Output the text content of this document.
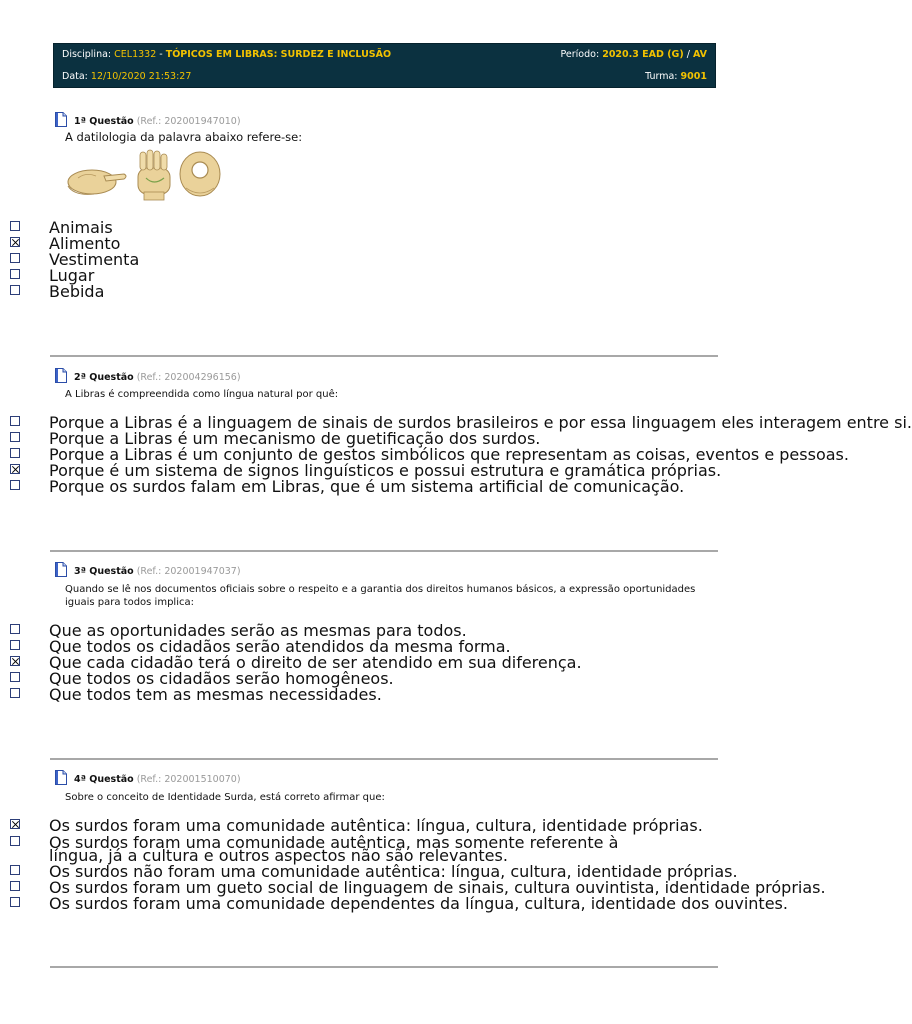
Disciplina: CEL1332 - TÓPICOS EM LIBRAS: SURDEZ E INCLUSÃO	Período: 2020.3 EAD (G) / AV
Data: 12/10/2020 21:53:27	Turma: 9001
1ª Questão (Ref.: 202001947010)
A datilologia da palavra abaixo refere-se:
Animais
Alimento
Vestimenta
Lugar
Bebida
2ª Questão (Ref.: 202004296156)
A Libras é compreendida como língua natural por quê:
Porque a Libras é a linguagem de sinais de surdos brasileiros e por essa linguagem eles interagem entre si.
Porque a Libras é um mecanismo de guetificação dos surdos.
Porque a Libras é um conjunto de gestos simbólicos que representam as coisas, eventos e pessoas.
Porque é um sistema de signos linguísticos e possui estrutura e gramática próprias.
Porque os surdos falam em Libras, que é um sistema artificial de comunicação.
3ª Questão (Ref.: 202001947037)
Quando se lê nos documentos oficiais sobre o respeito e a garantia dos direitos humanos básicos, a expressão oportunidades iguais para todos implica:
Que as oportunidades serão as mesmas para todos.
Que todos os cidadãos serão atendidos da mesma forma.
Que cada cidadão terá o direito de ser atendido em sua diferença.
Que todos os cidadãos serão homogêneos.
Que todos tem as mesmas necessidades.
4ª Questão (Ref.: 202001510070)
Sobre o conceito de Identidade Surda, está correto afirmar que:
Os surdos foram uma comunidade autêntica: língua, cultura, identidade próprias.
Os surdos foram uma comunidade autêntica, mas somente referente à língua, já a cultura e outros aspectos não são relevantes.
Os surdos não foram uma comunidade autêntica: língua, cultura, identidade próprias.
Os surdos foram um gueto social de linguagem de sinais, cultura ouvintista, identidade próprias.
Os surdos foram uma comunidade dependentes da língua, cultura, identidade dos ouvintes.
